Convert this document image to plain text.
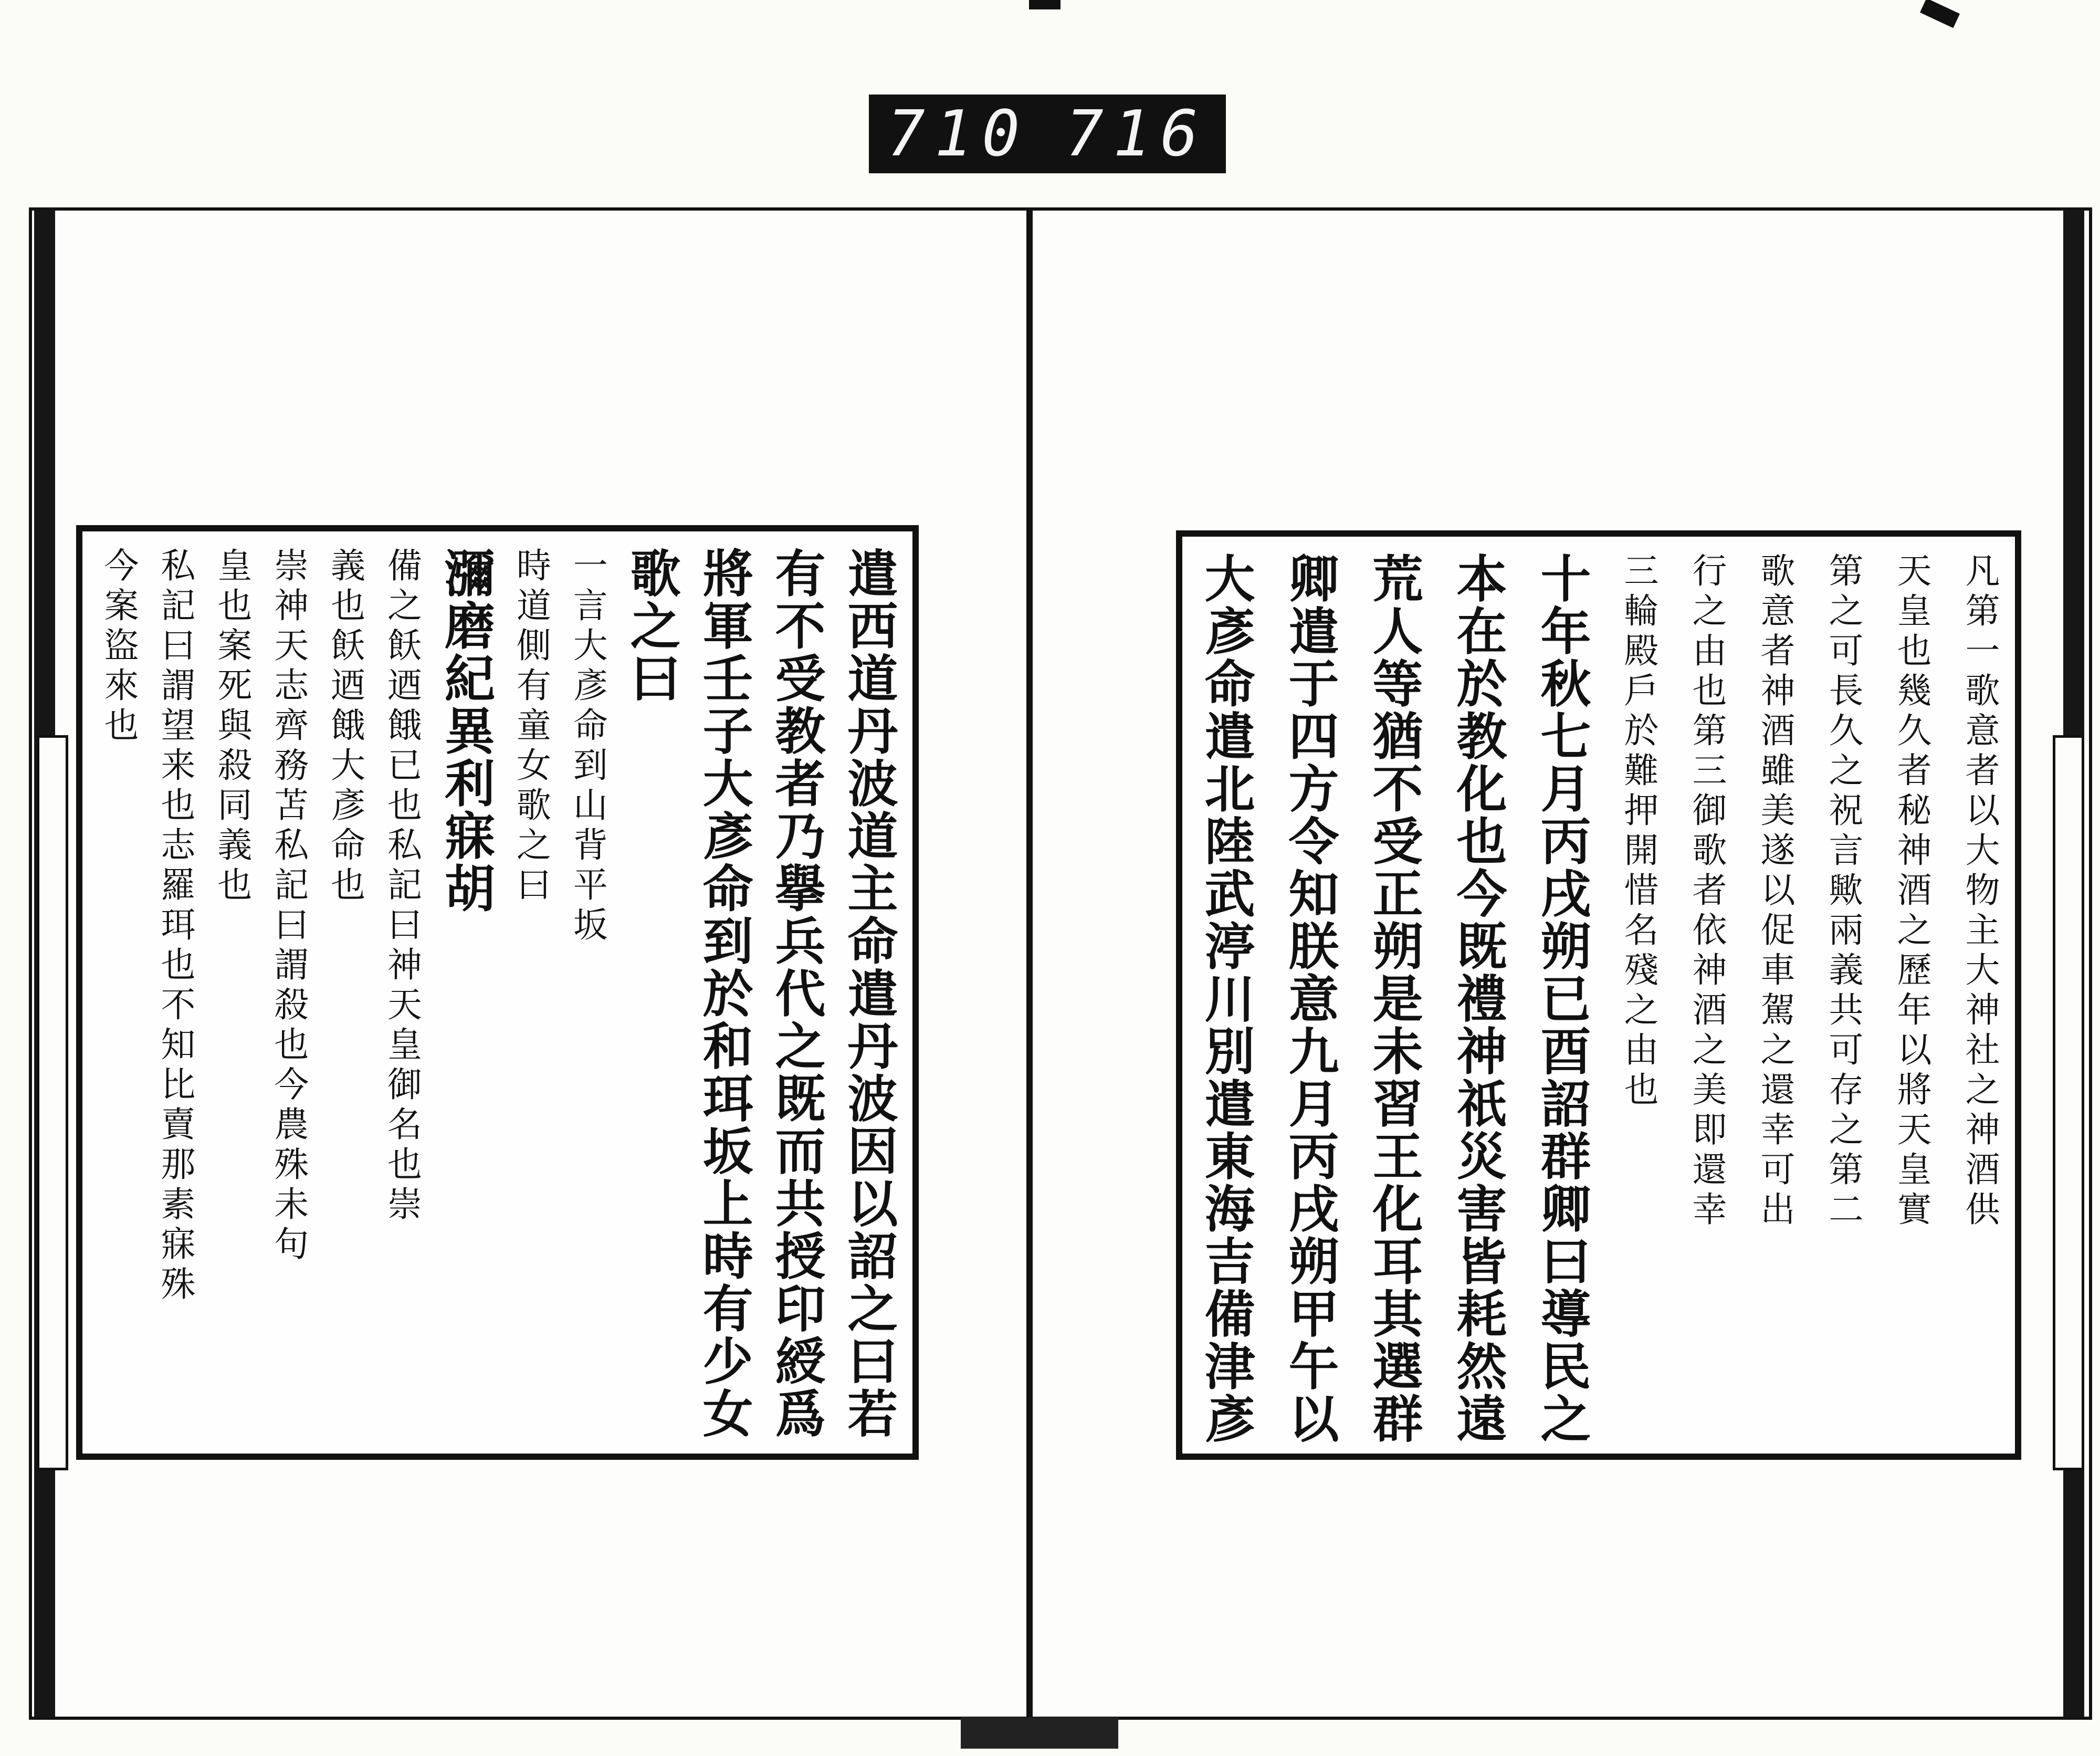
710 716
遣西道丹波道主命遣丹波因以詔之曰若
有不受教者乃擧兵代之既而共授印綬爲
將軍壬子大彥命到於和珥坂上時有少女
歌之曰
一言大彥命到山背平坂
時道側有童女歌之曰
瀰磨紀異利寐胡
備之飫迺餓已也私記曰神天皇御名也崇
義也飫迺餓大彥命也
崇神天志齊務苫私記曰謂殺也今農殊未句
皇也案死與殺同義也
私記曰謂望来也志羅珥也不知比賣那素寐殊
今案盜來也	凡第一歌意者以大物主大神社之神酒供
天皇也幾久者秘神酒之歷年以將天皇實
第之可長久之祝言歟兩義共可存之第二
歌意者神酒雖美遂以促車駕之還幸可出
行之由也第三御歌者依神酒之美即還幸
三輪殿戶於難押開惜名殘之由也
十年秋七月丙戌朔已酉詔群卿曰導民之
本在於教化也今既禮神祇災害皆耗然遠
荒人等猶不受正朔是未習王化耳其選群
卿遣于四方令知朕意九月丙戌朔甲午以
大彥命遣北陸武渟川別遣東海吉備津彥
